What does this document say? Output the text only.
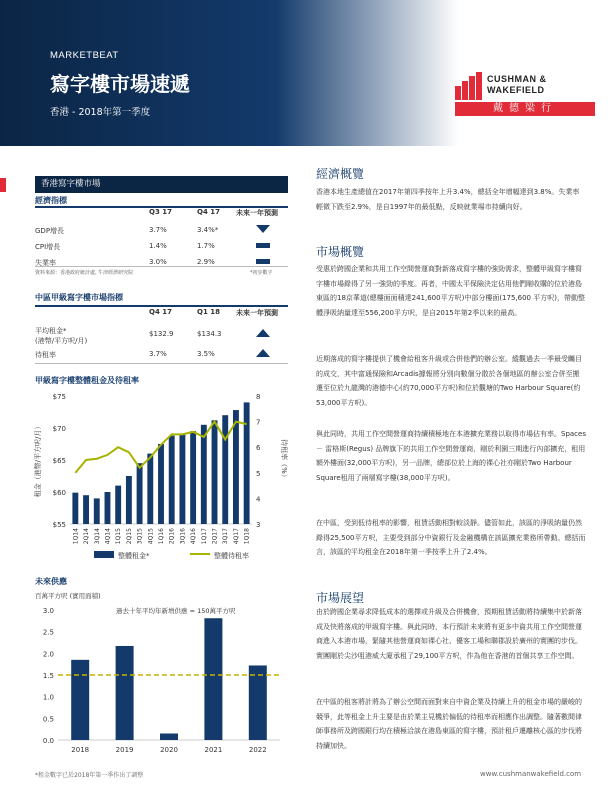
MARKETBEAT
寫字樓市場速遞
香港 - 2018年第一季度
CUSHMAN &
WAKEFIELD
戴德梁行
香港寫字樓市場
經濟指標
Q3 17	Q4 17 未來一年預測
GDP增長	3.7%	3.4%*
CPI增長	1.4%	1.7%
失業率	3.0%	2.9%
資料來源：香港政府統計處, 牛津經濟研究院	*初步數字
中區甲級寫字樓市場指標
Q4 17	Q1 18 未來一年預測
平均租金*
(港幣/平方呎/月)
$132.9	$134.3
待租率	3.7%	3.5%
甲級寫字樓整體租金及待租率
$55
$60
$65
$70
$75
3
4
5
6
7
8
1Q14 2Q14 3Q14 4Q14 1Q15 2Q15 3Q15 4Q15 1Q16 2Q16 3Q16 4Q16 1Q17 2Q17 3Q17 4Q17 1Q18
租金（港幣/平方呎/月）	待租率（%）
整體租金*	整體待租率
未來供應
百萬平方呎 (實用面積)
0.0
0.5
1.0
1.5
2.0
2.5
3.0
2018	2019	2020	2021	2022
過去十年平均年新增供應 = 150萬平方呎
經濟概覽
香港本地生產總值在2017年第四季按年上升3.4%，總括全年增幅達到3.8%。失業率輕微下跌至2.9%，是自1997年的最低點，反映就業場市持續向好。
市場概覽
受惠於跨國企業和共用工作空間營運商對新落成寫字樓的強勁需求，整體甲級寫字樓寫字樓市場錄得了另一強勁的季度。再者，中國太平保險決定佔用他們剛收購的位於港島東區的18京華道(總樓面面積達241,600平方呎)中部分樓面(175,600 平方呎)，帶動整體淨吸納量達至556,200平方呎，是自2015年第2季以來的最高。
近期落成的寫字樓提供了機會給租客升級或合併他們的辦公室。縱觀過去一季最受矚目的成交，其中富通保險和Arcadis據報將分別向數個分散於各個地區的辦公室合併至搬遷至位於九龍灣的港德中心(約70,000平方呎)和位於觀塘的Two Harbour Square(約53,000平方呎)。
與此同時，共用工作空間營運商持續積極地在本港擴充業務以取得市場佔有率。Spaces － 雷格斯(Regus) 品牌旗下的共用工作空間營運商，剛於利園三期進行內部擴充，租用額外樓面(32,000平方呎)，另一品牌，總部位於上海的裸心社亦剛於Two Harbour Square租用了兩層寫字樓(38,000平方呎)。
在中區，受到低待租率的影響，租賃活動相對較淡靜。儘管如此，該區的淨吸納量仍然錄得25,500平方呎，主要受到部分中資銀行及金融機構在該區擴充業務所帶動。總括而言，該區的平均租金在2018年第一季按季上升了2.4%。
市場展望
由於跨國企業尋求降低成本的選擇或升級及合併機會，預期租賃活動將持續集中於新落成及快將落成的甲級寫字樓。與此同時，本行預計未來將有更多中資共用工作空間營運商進入本港市場，緊隨其他營運商如裸心社、優客工場和聯郡設於廣州的實團的步伐。實團剛於尖沙咀港威大廈承租了29,100平方呎，作為他在香港的首個共享工作空間。
在中區的租客將計將為了辦公空間而面對來自中資企業及持續上升的租金市場的嚴峻的競爭，此等租金上升主要是由於業主見機於偏低的待租率而相應作出調整。隨著數間律師事務所及跨國銀行均在積極洽談在港島東區的寫字樓，預計租戶遷離核心區的步伐將持續加快。
*租金數字已於2018年第一季作出了調整	www.cushmanwakefield.com
